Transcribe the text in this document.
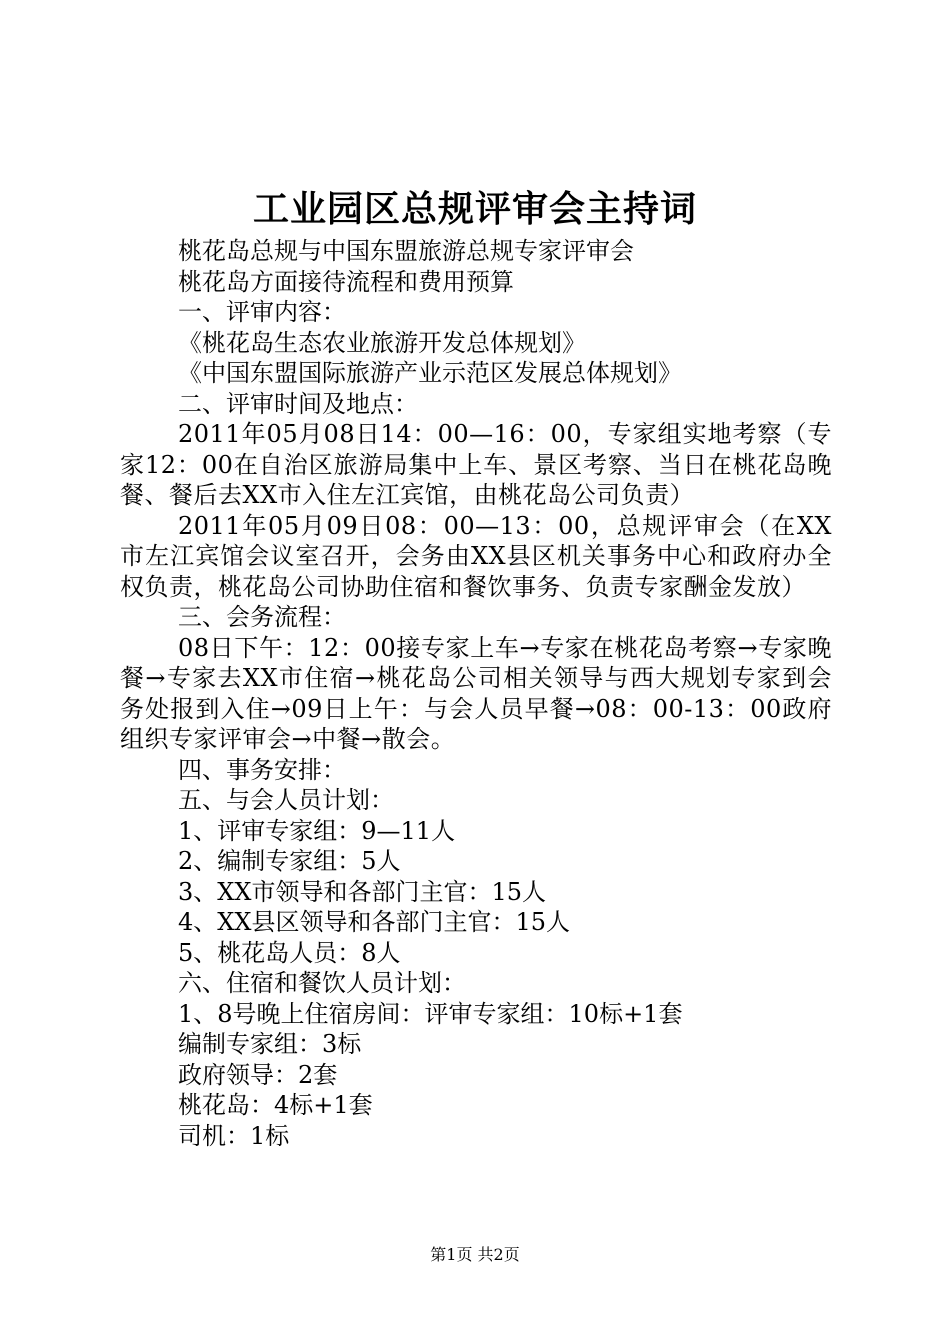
工业园区总规评审会主持词

桃花岛总规与中国东盟旅游总规专家评审会

桃花岛方面接待流程和费用预算

一、评审内容：

《桃花岛生态农业旅游开发总体规划》

《中国东盟国际旅游产业示范区发展总体规划》

二、评审时间及地点：

2011年05月08日14：00—16：00，专家组实地考察（专家12：00在自治区旅游局集中上车、景区考察、当日在桃花岛晚餐、餐后去XX市入住左江宾馆，由桃花岛公司负责）

2011年05月09日08：00—13：00，总规评审会（在XX市左江宾馆会议室召开，会务由XX县区机关事务中心和政府办全权负责，桃花岛公司协助住宿和餐饮事务、负责专家酬金发放）

三、会务流程：

08日下午：12：00接专家上车→专家在桃花岛考察→专家晚餐→专家去XX市住宿→桃花岛公司相关领导与西大规划专家到会务处报到入住→09日上午：与会人员早餐→08：00-13：00政府组织专家评审会→中餐→散会。

四、事务安排：

五、与会人员计划：

1、评审专家组：9—11人

2、编制专家组：5人

3、XX市领导和各部门主官：15人

4、XX县区领导和各部门主官：15人

5、桃花岛人员：8人

六、住宿和餐饮人员计划：

1、8号晚上住宿房间：评审专家组：10标+1套

编制专家组：3标

政府领导：2套

桃花岛：4标+1套

司机：1标

第1页 共2页
